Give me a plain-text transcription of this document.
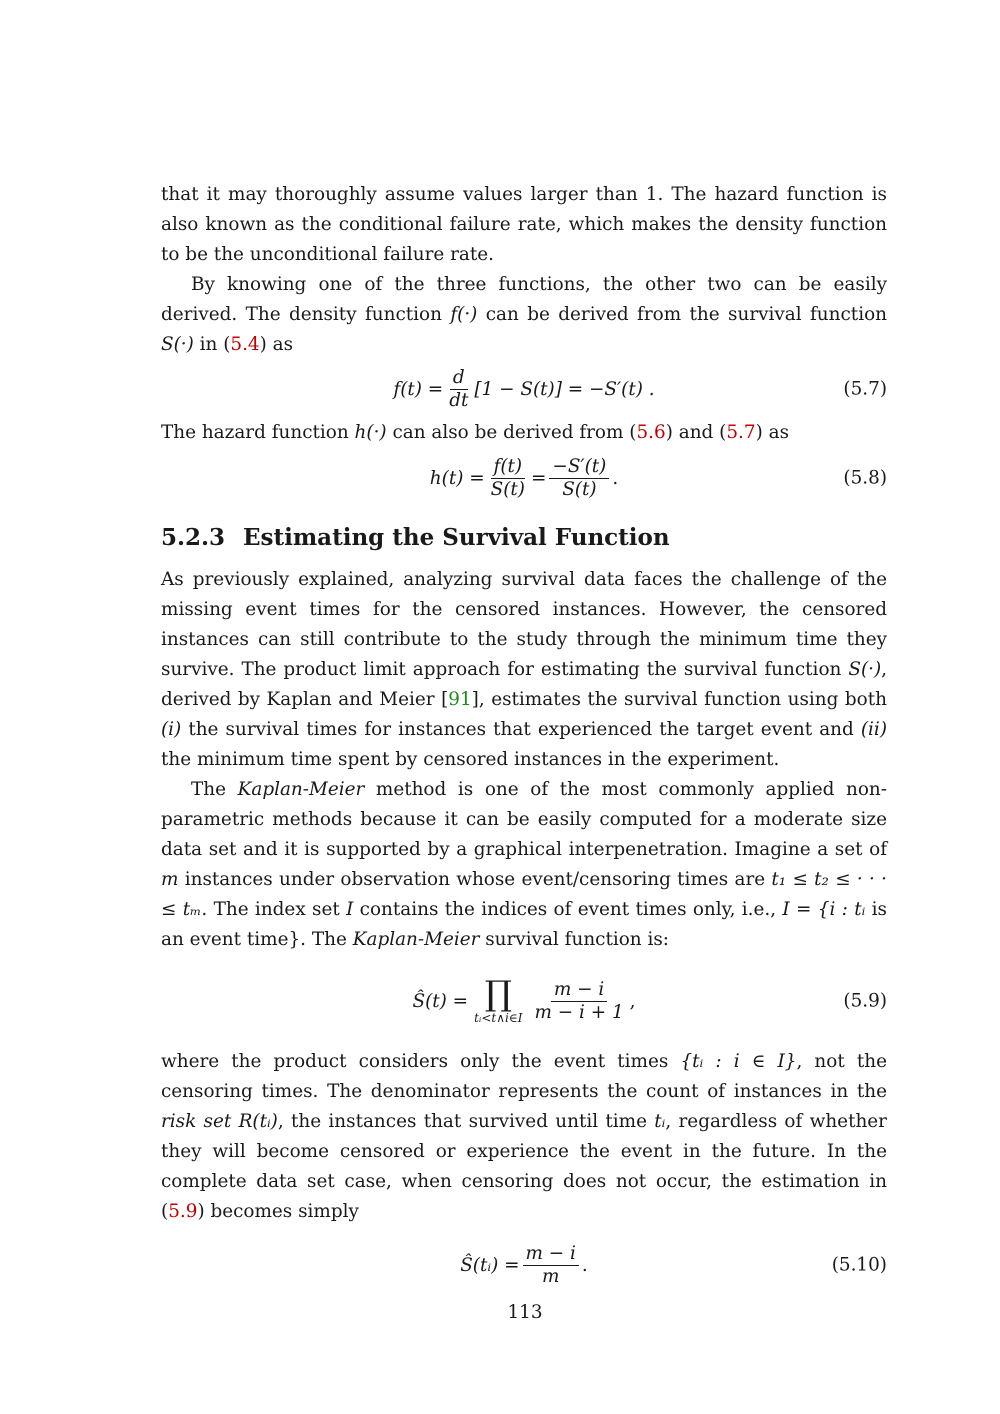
that it may thoroughly assume values larger than 1. The hazard function is also known as the conditional failure rate, which makes the density function to be the unconditional failure rate.

By knowing one of the three functions, the other two can be easily derived. The density function f(·) can be derived from the survival function S(·) in (5.4) as

$f(t) = \frac{d}{dt} [1 - S(t)] = -S'(t)$ .	(5.7)

The hazard function h(·) can also be derived from (5.6) and (5.7) as

$h(t) = \frac{f(t)}{S(t)} = \frac{-S'(t)}{S(t)}$ .	(5.8)
5.2.3 Estimating the Survival Function

As previously explained, analyzing survival data faces the challenge of the missing event times for the censored instances. However, the censored instances can still contribute to the study through the minimum time they survive. The product limit approach for estimating the survival function S(·), derived by Kaplan and Meier [91], estimates the survival function using both (i) the survival times for instances that experienced the target event and (ii) the minimum time spent by censored instances in the experiment.

The Kaplan-Meier method is one of the most commonly applied non-parametric methods because it can be easily computed for a moderate size data set and it is supported by a graphical interpenetration. Imagine a set of m instances under observation whose event/censoring times are t₁ ≤ t₂ ≤ · · · ≤ tₘ. The index set I contains the indices of event times only, i.e., I = {i : tᵢ is an event time}. The Kaplan-Meier survival function is:

Ŝ(t) = ∏
tᵢ<t∧i∈I $\frac{m - i}{m - i + 1}$ ,	(5.9)

where the product considers only the event times {tᵢ : i ∈ I}, not the censoring times. The denominator represents the count of instances in the risk set R(tᵢ), the instances that survived until time tᵢ, regardless of whether they will become censored or experience the event in the future. In the complete data set case, when censoring does not occur, the estimation in (5.9) becomes simply

Ŝ(tᵢ) = $\frac{m - i}{m}$ .	(5.10)
113
